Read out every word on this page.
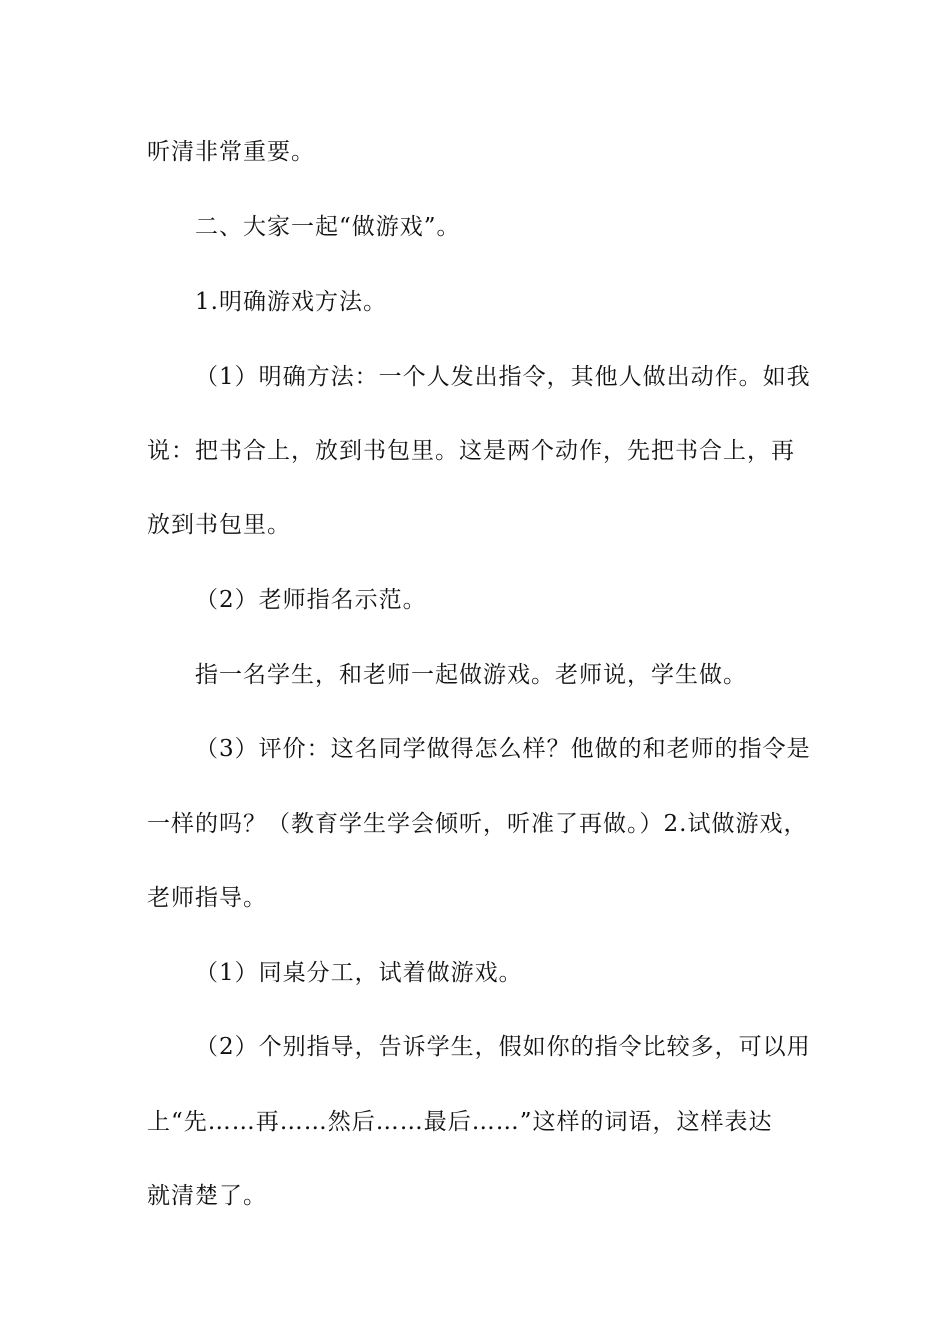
听清非常重要。
二、大家一起“做游戏”。
1.明确游戏方法。
（1）明确方法：一个人发出指令，其他人做出动作。如我
说：把书合上，放到书包里。这是两个动作，先把书合上，再
放到书包里。
（2）老师指名示范。
指一名学生，和老师一起做游戏。老师说，学生做。
（3）评价：这名同学做得怎么样？他做的和老师的指令是
一样的吗？（教育学生学会倾听，听准了再做。）2.试做游戏，
老师指导。
（1）同桌分工，试着做游戏。
（2）个别指导，告诉学生，假如你的指令比较多，可以用
上“先……再……然后……最后……”这样的词语，这样表达
就清楚了。
